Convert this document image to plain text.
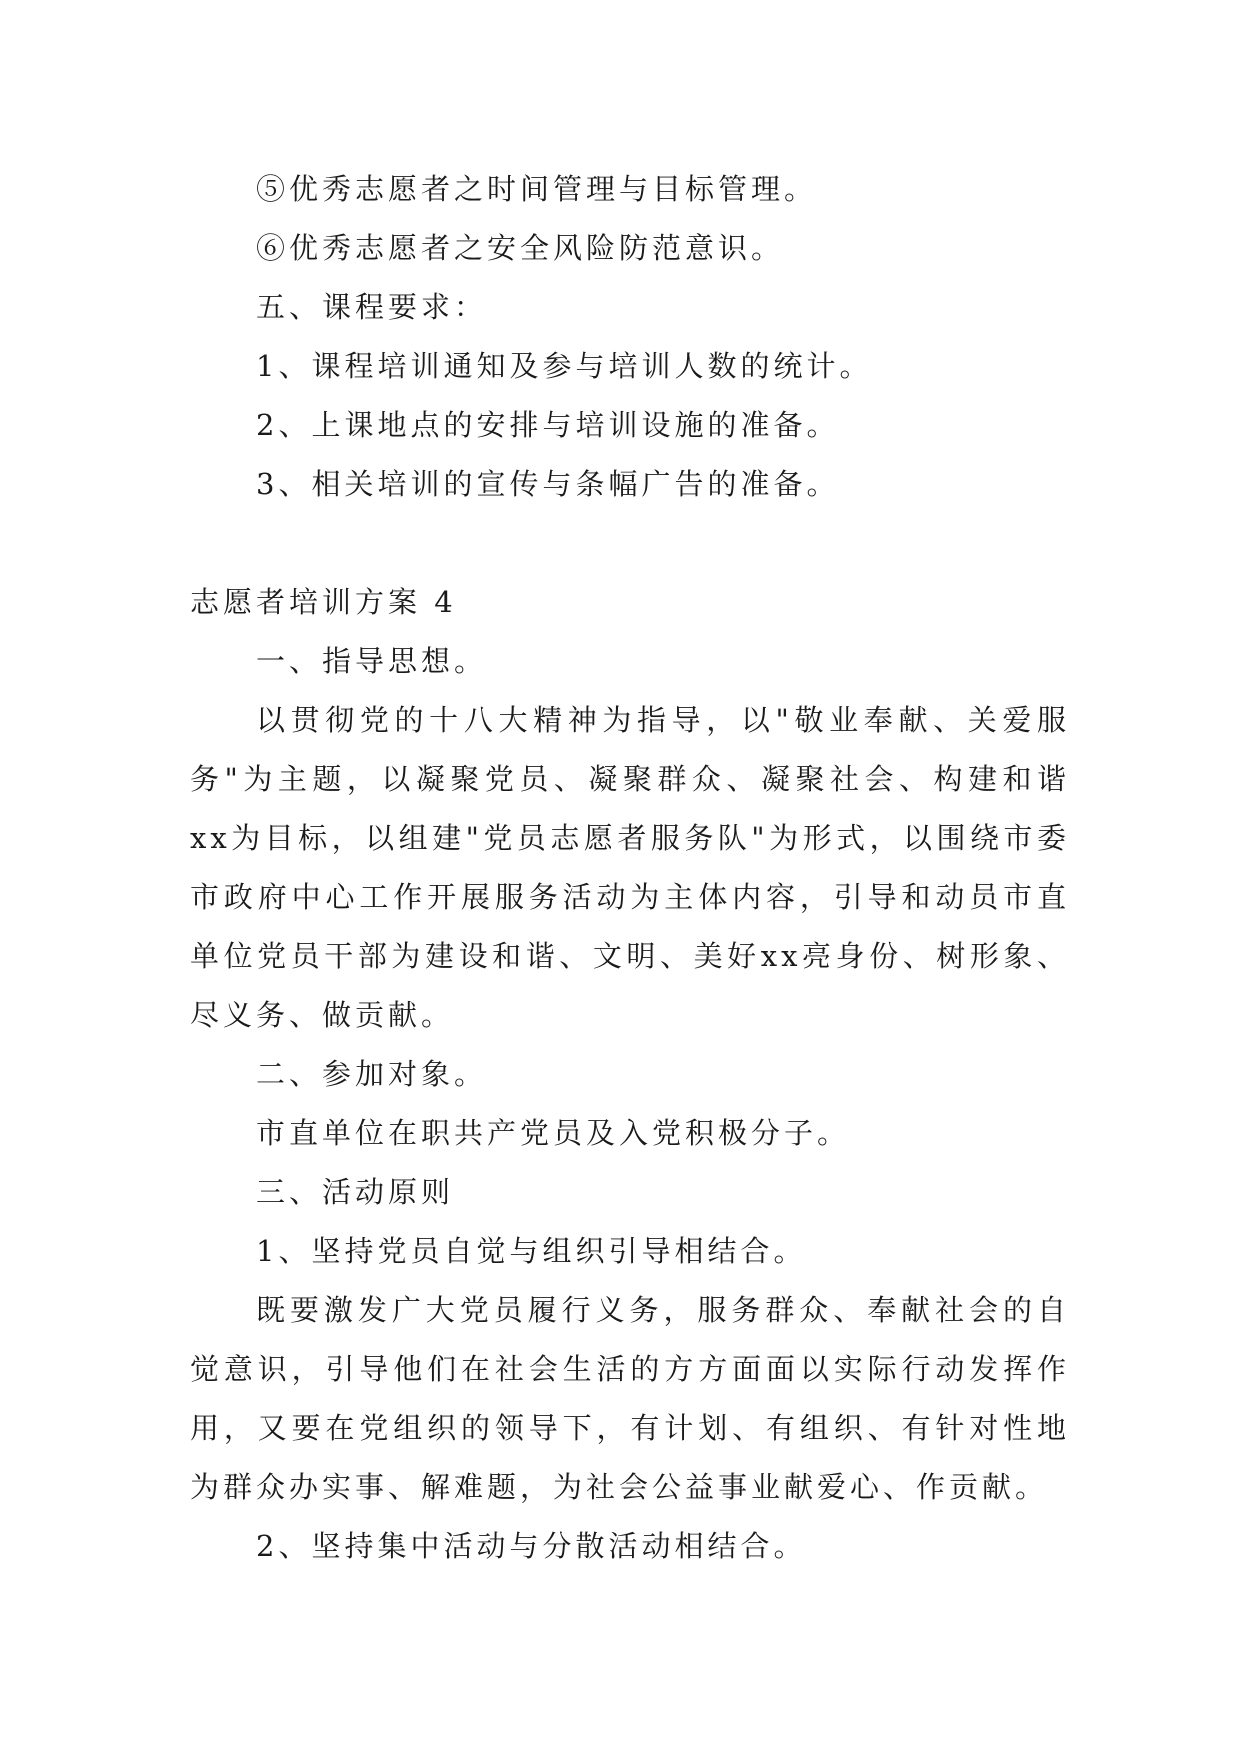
⑤优秀志愿者之时间管理与目标管理。
⑥优秀志愿者之安全风险防范意识。
五、课程要求：
1、课程培训通知及参与培训人数的统计。
2、上课地点的安排与培训设施的准备。
3、相关培训的宣传与条幅广告的准备。
志愿者培训方案 4
一、指导思想。

以贯彻党的十八大精神为指导，以"敬业奉献、关爱服务"为主题，以凝聚党员、凝聚群众、凝聚社会、构建和谐xx为目标，以组建"党员志愿者服务队"为形式，以围绕市委市政府中心工作开展服务活动为主体内容，引导和动员市直单位党员干部为建设和谐、文明、美好xx亮身份、树形象、尽义务、做贡献。

二、参加对象。
市直单位在职共产党员及入党积极分子。
三、活动原则
1、坚持党员自觉与组织引导相结合。

既要激发广大党员履行义务，服务群众、奉献社会的自觉意识，引导他们在社会生活的方方面面以实际行动发挥作用，又要在党组织的领导下，有计划、有组织、有针对性地为群众办实事、解难题，为社会公益事业献爱心、作贡献。

2、坚持集中活动与分散活动相结合。
